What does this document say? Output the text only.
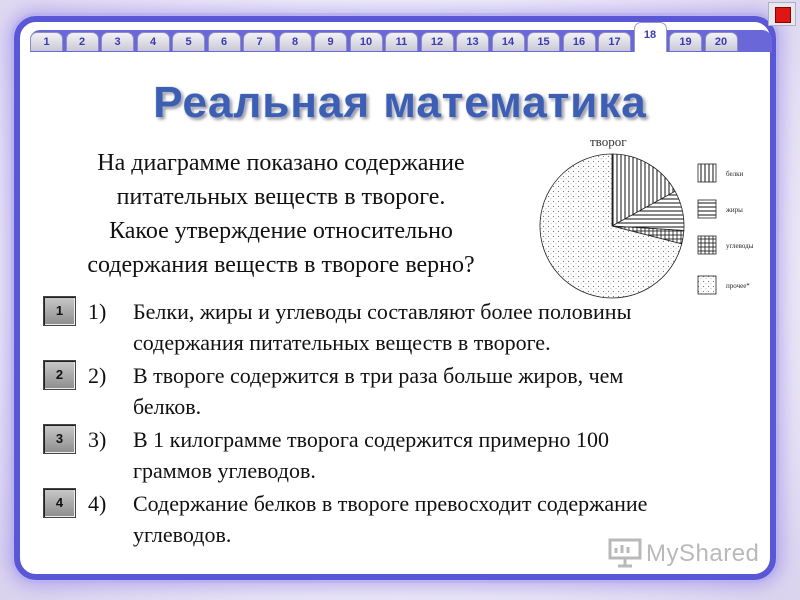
1	2	3	4	5	6	7	8	9	10	11	12	13	14	15	16	17
18
19	20
Реальная математика
На диаграмме показано содержание
питательных веществ в твороге.
Какое утверждение относительно
содержания веществ в твороге верно?
творог
белки
жиры
углеводы
прочее*
1	1) Белки, жиры и углеводы составляют более половины
содержания питательных веществ в твороге.
2	2) В твороге содержится в три раза больше жиров, чем
белков.
3	3) В 1 килограмме творога содержится примерно 100
граммов углеводов.
4	4) Содержание белков в твороге превосходит содержание
углеводов.
MyShared
